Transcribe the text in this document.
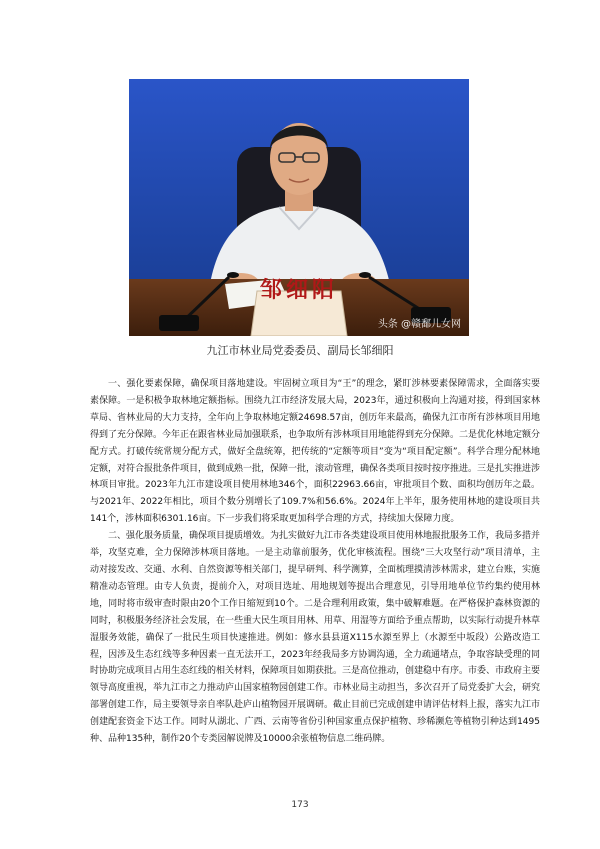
邹细阳
头条 @赣鄱儿女网
九江市林业局党委委员、副局长邹细阳

一、强化要素保障，确保项目落地建设。牢固树立项目为“王”的理念，紧盯涉林要素保障需求，全面落实要素保障。一是积极争取林地定额指标。围绕九江市经济发展大局，2023年，通过积极向上沟通对接，得到国家林草局、省林业局的大力支持，全年向上争取林地定额24698.57亩，创历年来最高，确保九江市所有涉林项目用地得到了充分保障。今年正在跟省林业局加强联系，也争取所有涉林项目用地能得到充分保障。二是优化林地定额分配方式。打破传统常规分配方式，做好全盘统筹，把传统的“定额等项目”变为“项目配定额”。科学合理分配林地定额，对符合报批条件项目，做到成熟一批，保障一批，滚动管理，确保各类项目按时按序推进。三是扎实推进涉林项目审批。2023年九江市建设项目使用林地346个，面积22963.66亩，审批项目个数、面积均创历年之最。与2021年、2022年相比，项目个数分别增长了109.7%和56.6%。2024年上半年，服务使用林地的建设项目共141个，涉林面积6301.16亩。下一步我们将采取更加科学合理的方式，持续加大保障力度。

二、强化服务质量，确保项目提质增效。为扎实做好九江市各类建设项目使用林地报批服务工作，我局多措并举，攻坚克难，全力保障涉林项目落地。一是主动靠前服务，优化审核流程。围绕“三大攻坚行动”项目清单，主动对接发改、交通、水利、自然资源等相关部门，提早研判、科学测算，全面梳理摸清涉林需求，建立台账，实施精准动态管理。由专人负责，提前介入，对项目选址、用地规划等提出合理意见，引导用地单位节约集约使用林地，同时将市级审查时限由20个工作日缩短到10个。二是合理利用政策，集中破解难题。在严格保护森林资源的同时，积极服务经济社会发展，在一些重大民生项目用林、用草、用湿等方面给予重点帮助，以实际行动提升林草湿服务效能，确保了一批民生项目快速推进。例如：修水县县道X115水源至界上（水源至中坂段）公路改造工程，因涉及生态红线等多种因素一直无法开工，2023年经我局多方协调沟通，全力疏通堵点，争取容缺受理的同时协助完成项目占用生态红线的相关材料，保障项目如期获批。三是高位推动，创建稳中有序。市委、市政府主要领导高度重视，举九江市之力推动庐山国家植物园创建工作。市林业局主动担当，多次召开了局党委扩大会，研究部署创建工作，局主要领导亲自率队赴庐山植物园开展调研。截止目前已完成创建申请评估材料上报，落实九江市创建配套资金下达工作。同时从湖北、广西、云南等省份引种国家重点保护植物、珍稀濒危等植物引种达到1495种、品种135种，制作20个专类园解说牌及10000余张植物信息二维码牌。

173
